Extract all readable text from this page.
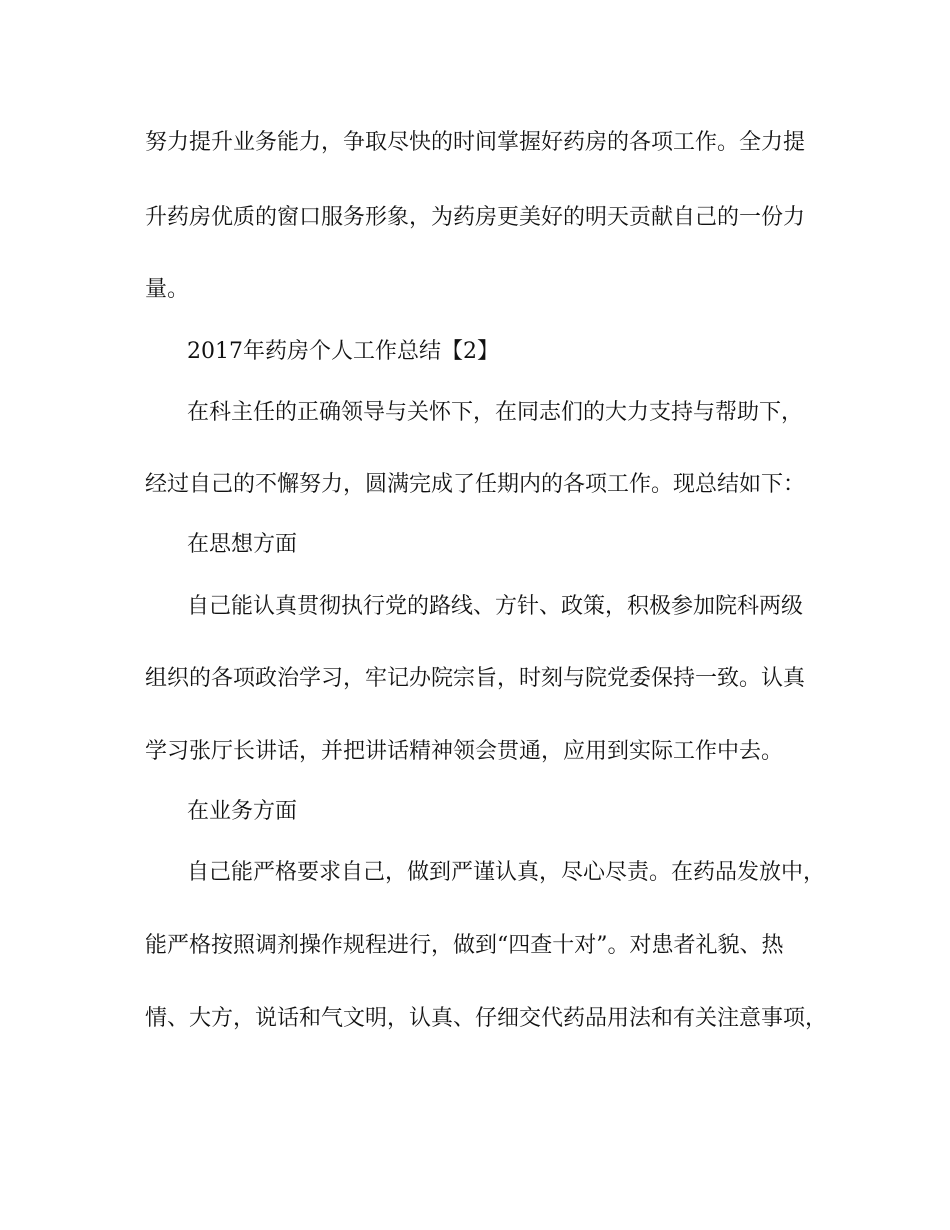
努力提升业务能力，争取尽快的时间掌握好药房的各项工作。全力提
升药房优质的窗口服务形象，为药房更美好的明天贡献自己的一份力
量。
2017年药房个人工作总结【2】
在科主任的正确领导与关怀下，在同志们的大力支持与帮助下，
经过自己的不懈努力，圆满完成了任期内的各项工作。现总结如下：
在思想方面
自己能认真贯彻执行党的路线、方针、政策，积极参加院科两级
组织的各项政治学习，牢记办院宗旨，时刻与院党委保持一致。认真
学习张厅长讲话，并把讲话精神领会贯通，应用到实际工作中去。
在业务方面
自己能严格要求自己，做到严谨认真，尽心尽责。在药品发放中，
能严格按照调剂操作规程进行，做到“四查十对”。对患者礼貌、热
情、大方，说话和气文明，认真、仔细交代药品用法和有关注意事项，
